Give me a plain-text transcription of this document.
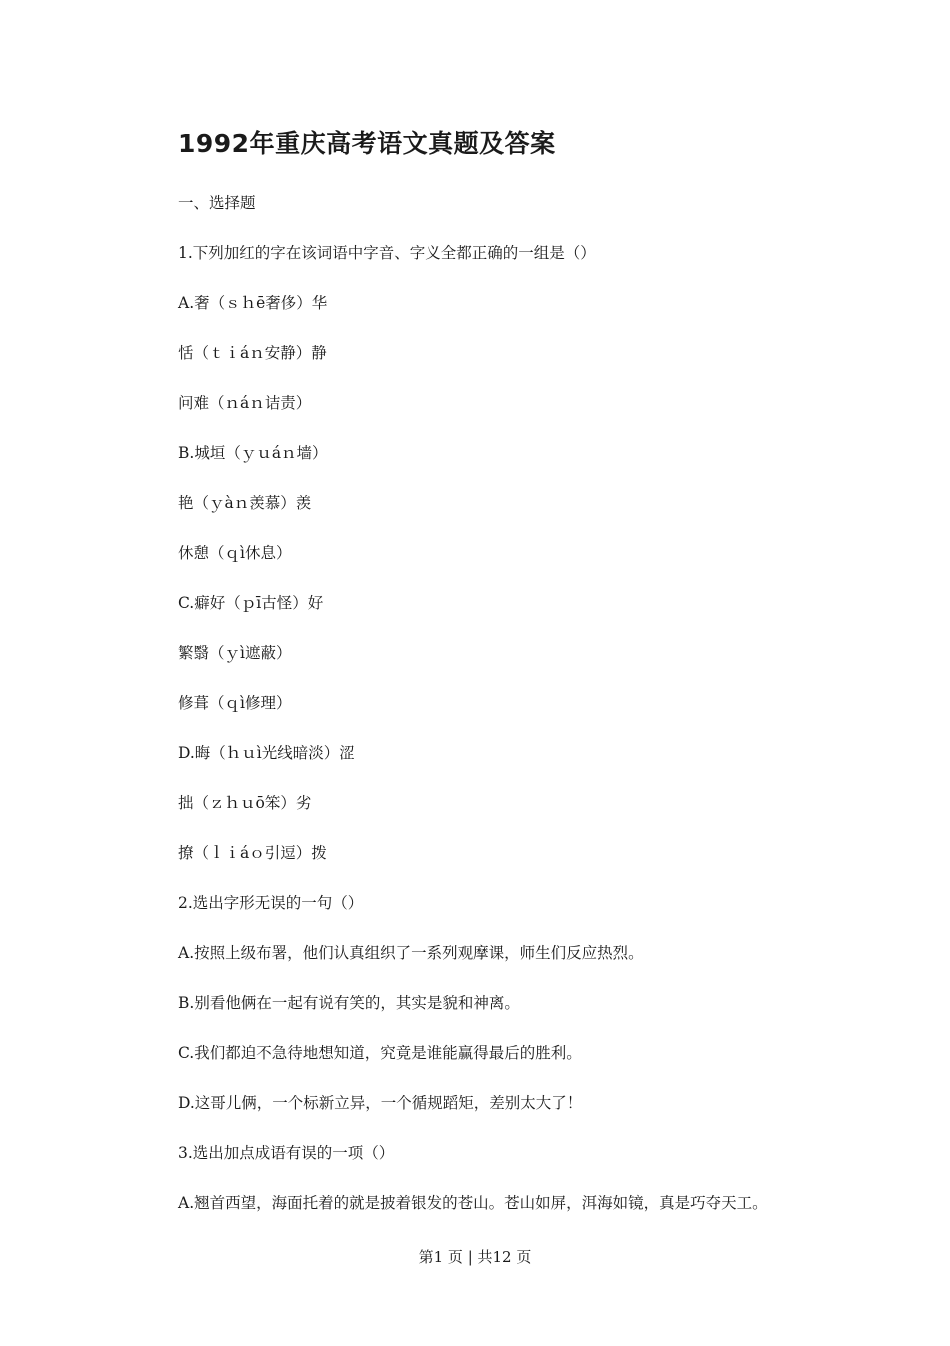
1992年重庆高考语文真题及答案
一、选择题
1.下列加红的字在该词语中字音、字义全都正确的一组是（）
A.奢（ｓｈē奢侈）华
恬（ｔｉáｎ安静）静
问难（ｎáｎ诘责）
B.城垣（ｙｕáｎ墙）
艳（ｙàｎ羡慕）羡
休憩（ｑì休息）
C.癖好（ｐī古怪）好
繁翳（ｙì遮蔽）
修葺（ｑì修理）
D.晦（ｈｕì光线暗淡）涩
拙（ｚｈｕō笨）劣
撩（ｌｉáｏ引逗）拨
2.选出字形无误的一句（）
A.按照上级布署，他们认真组织了一系列观摩课，师生们反应热烈。
B.别看他俩在一起有说有笑的，其实是貌和神离。
C.我们都迫不急待地想知道，究竟是谁能赢得最后的胜利。
D.这哥儿俩，一个标新立异，一个循规蹈矩，差别太大了！
3.选出加点成语有误的一项（）
A.翘首西望，海面托着的就是披着银发的苍山。苍山如屏，洱海如镜，真是巧夺天工。
第1 页 | 共12 页
